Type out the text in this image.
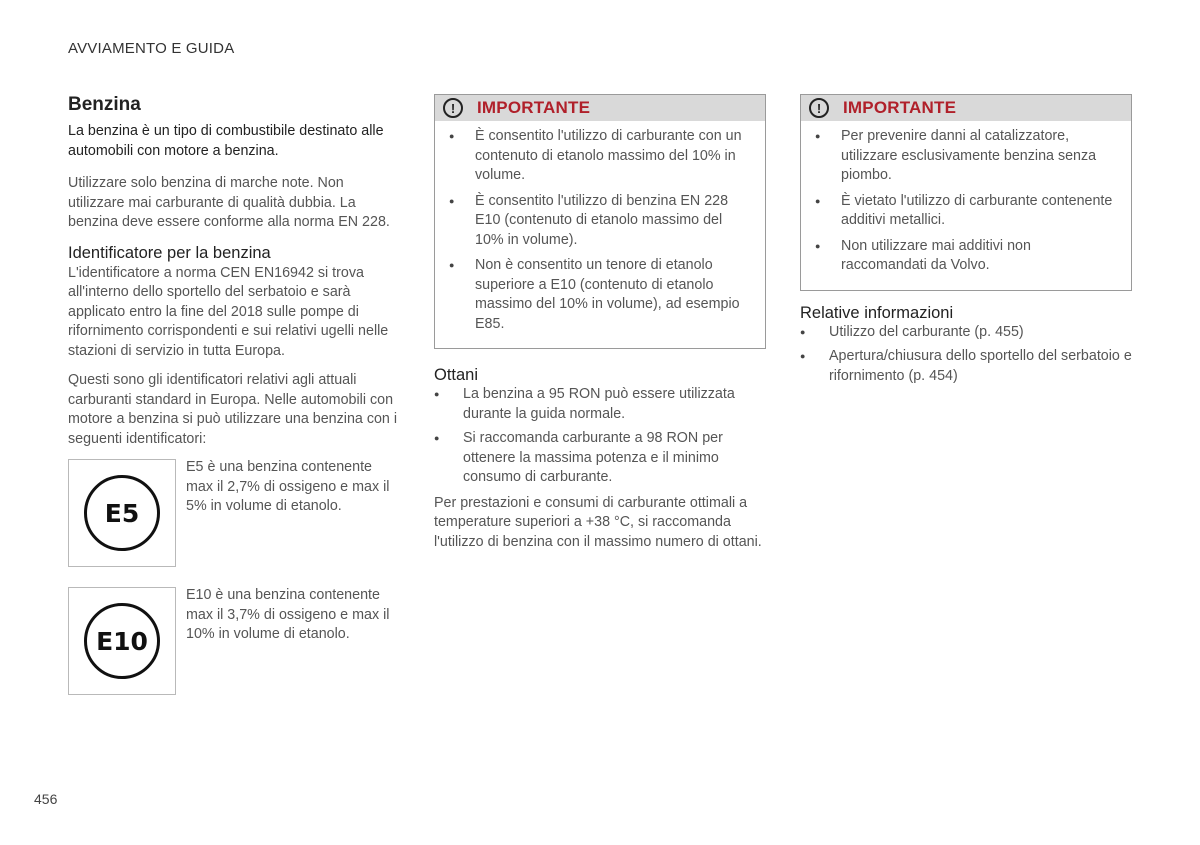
AVVIAMENTO E GUIDA
Benzina

La benzina è un tipo di combustibile destinato alle automobili con motore a benzina.

Utilizzare solo benzina di marche note. Non utilizzare mai carburante di qualità dubbia. La benzina deve essere conforme alla norma EN 228.

Identificatore per la benzina

L'identificatore a norma CEN EN16942 si trova all'interno dello sportello del serbatoio e sarà applicato entro la fine del 2018 sulle pompe di rifornimento corrispondenti e sui relativi ugelli nelle stazioni di servizio in tutta Europa.

Questi sono gli identificatori relativi agli attuali carburanti standard in Europa. Nelle automobili con motore a benzina si può utilizzare una benzina con i seguenti identificatori:

E5
E5 è una benzina contenente max il 2,7% di ossigeno e max il 5% in volume di etanolo.
E10
E10 è una benzina contenente max il 3,7% di ossigeno e max il 10% in volume di etanolo.
!	IMPORTANTE
● È consentito l'utilizzo di carburante con un contenuto di etanolo massimo del 10% in volume.
● È consentito l'utilizzo di benzina EN 228 E10 (contenuto di etanolo massimo del 10% in volume).
● Non è consentito un tenore di etanolo superiore a E10 (contenuto di etanolo massimo del 10% in volume), ad esempio E85.
Ottani
● La benzina a 95 RON può essere utilizzata durante la guida normale.
● Si raccomanda carburante a 98 RON per ottenere la massima potenza e il minimo consumo di carburante.

Per prestazioni e consumi di carburante ottimali a temperature superiori a +38 °C, si raccomanda l'utilizzo di benzina con il massimo numero di ottani.

!	IMPORTANTE
● Per prevenire danni al catalizzatore, utilizzare esclusivamente benzina senza piombo.
● È vietato l'utilizzo di carburante contenente additivi metallici.
● Non utilizzare mai additivi non raccomandati da Volvo.
Relative informazioni
● Utilizzo del carburante (p. 455)
● Apertura/chiusura dello sportello del serbatoio e rifornimento (p. 454)
456
